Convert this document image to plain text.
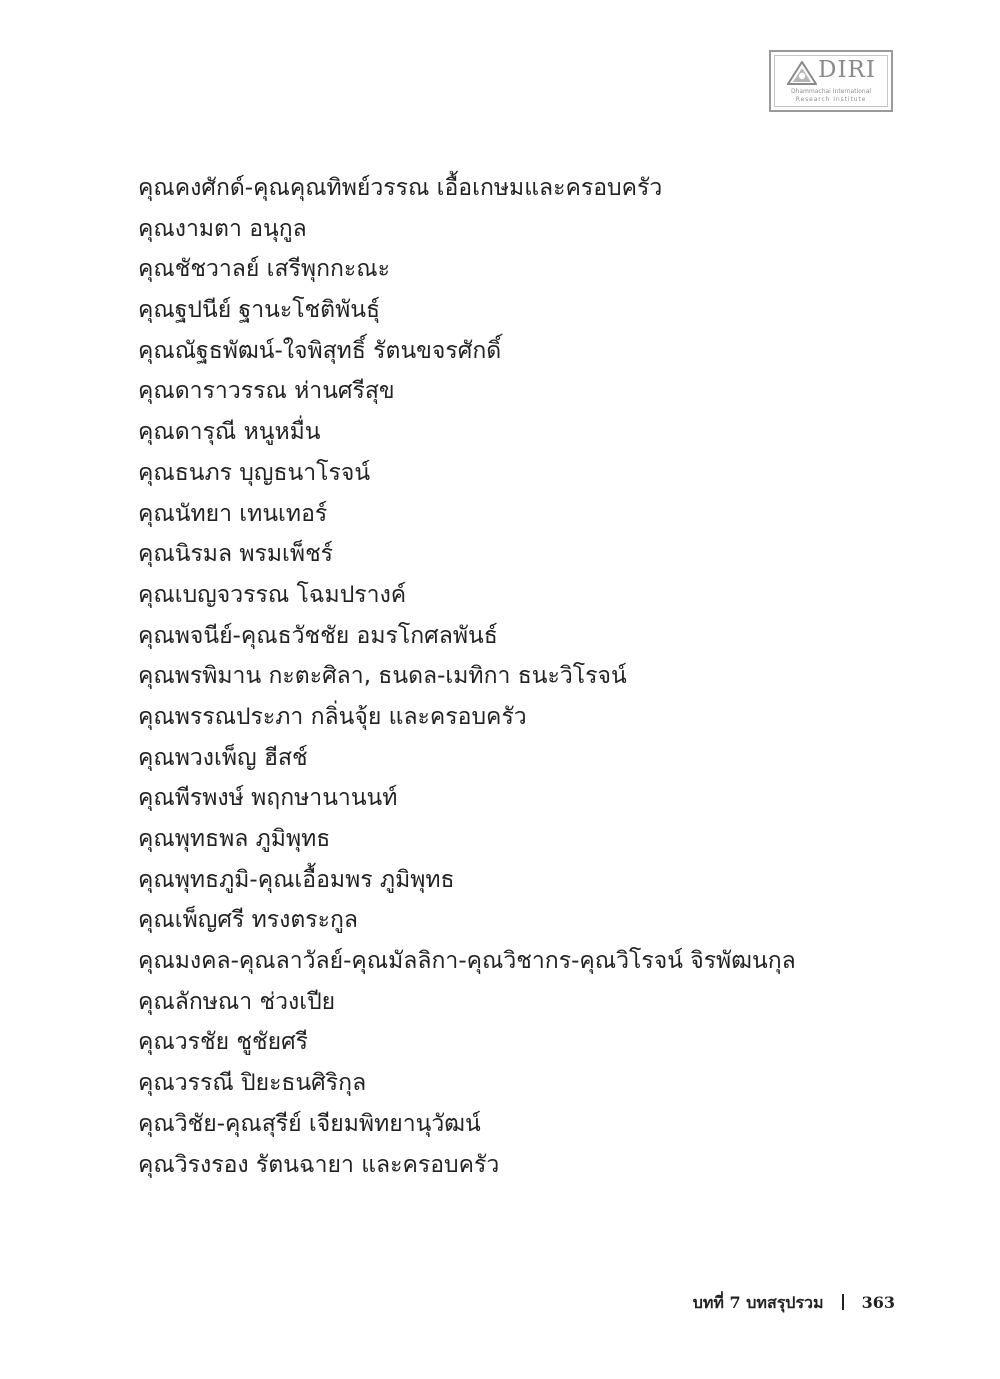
DIRI
Dhammachai International
Research Institute
คุณคงศักด์-คุณคุณทิพย์วรรณ เอื้อเกษมและครอบครัว
คุณงามตา อนุกูล
คุณชัชวาลย์ เสรีพุกกะณะ
คุณฐปนีย์ ฐานะโชติพันธุ์
คุณณัฐธพัฒน์-ใจพิสุทธิ์ รัตนขจรศักดิ์
คุณดาราวรรณ ห่านศรีสุข
คุณดารุณี หนูหมื่น
คุณธนภร บุญธนาโรจน์
คุณนัทยา เทนเทอร์
คุณนิรมล พรมเพ็ชร์
คุณเบญจวรรณ โฉมปรางค์
คุณพจนีย์-คุณธวัชชัย อมรโกศลพันธ์
คุณพรพิมาน กะตะศิลา, ธนดล-เมทิกา ธนะวิโรจน์
คุณพรรณประภา กลิ่นจุ้ย และครอบครัว
คุณพวงเพ็ญ ฮีสช์
คุณพีรพงษ์ พฤกษานานนท์
คุณพุทธพล ภูมิพุทธ
คุณพุทธภูมิ-คุณเอื้อมพร ภูมิพุทธ
คุณเพ็ญศรี ทรงตระกูล
คุณมงคล-คุณลาวัลย์-คุณมัลลิกา-คุณวิชากร-คุณวิโรจน์ จิรพัฒนกุล
คุณลักษณา ช่วงเปีย
คุณวรชัย ชูชัยศรี
คุณวรรณี ปิยะธนศิริกุล
คุณวิชัย-คุณสุรีย์ เจียมพิทยานุวัฒน์
คุณวิรงรอง รัตนฉายา และครอบครัว
บทที่ 7 บทสรุปรวม 363
